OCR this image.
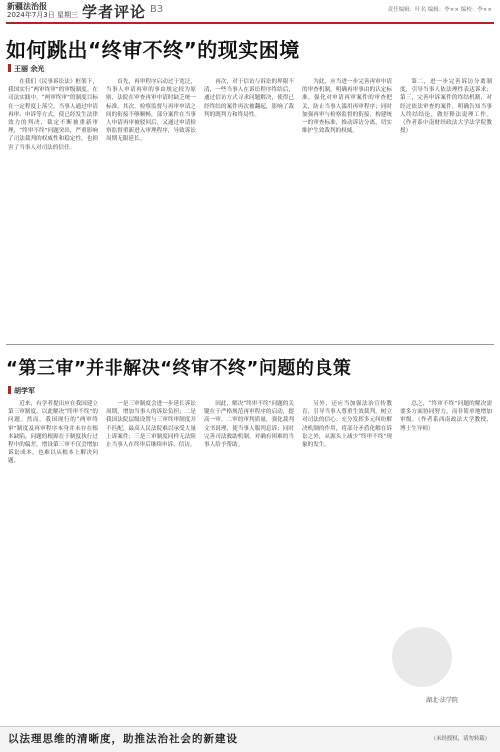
新疆法治报
2024年7月3日 星期三 学者评论 B3	责任编辑：叶名 编辑：李×× 编校：李××
如何跳出“终审不终”的现实困境
王丽 余光

在我们《民事诉讼法》框架下，我国实行“两审终审”的审级制度。在司法实践中，“两审终审”的制度目标在一定程度上落空。当事人通过申请再审、申诉等方式，使已经发生法律效力的判决、裁定不断被重新审理，“终审不终”问题突出，严重影响了司法裁判的权威性和稳定性，也损害了当事人对司法的信任。

首先，再审程序启动过于宽泛，当事人申请再审的事由规定较为原则，法院在审查再审申请时缺乏统一标准。其次，检察监督与再审申请之间的衔接不够顺畅，部分案件在当事人申请再审被驳回后，又通过申请检察监督重新进入审理程序，导致诉讼周期无限延长。

再次，对于信访与诉讼的界限不清，一些当事人在诉讼程序终结后，通过信访方式寻求问题解决，使得已经终结的案件再次被翻起，影响了裁判的既判力和终局性。

为此，应当进一步完善再审申请的审查机制，明确再审事由的认定标准，强化对申请再审案件的审查把关，防止当事人滥用再审程序；同时加强再审与检察监督的衔接，构建统一的审查标准，推动诉访分离，切实维护生效裁判的权威。

第二，进一步完善诉访分离制度，引导当事人依法理性表达诉求；第三，完善申诉案件的终结机制，对经过依法审查的案件，明确告知当事人终结结论，做好释法说理工作。（作者系中南财经政法大学法学院教授）

“第三审”并非解决“终审不终”问题的良策
胡学军

近来，有学者提出应在我国建立第三审制度，以此解决“终审不终”的问题。然而，我国现行的“两审终审”制度及再审程序本身并未存在根本缺陷，问题的根源在于制度执行过程中的偏差，增设第三审不仅会增加诉讼成本，也难以从根本上解决问题。

一是三审制度会进一步延长诉讼周期，增加当事人的诉讼负担；二是我国法院层级设置与三审终审制度并不匹配，最高人民法院难以承受大量上诉案件；三是三审制度同样无法阻止当事人在终审后继续申诉、信访。

因此，解决“终审不终”问题的关键在于严格规范再审程序的启动，提高一审、二审的审判质量，强化裁判文书说理，使当事人服判息诉；同时完善司法救助机制，对确有困难的当事人给予帮助。

另外，还应当加强法治宣传教育，引导当事人尊重生效裁判，树立对司法的信心；充分发挥多元纠纷解决机制的作用，将部分矛盾化解在诉讼之外，从源头上减少“终审不终”现象的发生。

总之，“终审不终”问题的解决需要多方面协同努力，而非简单地增加审级。（作者系西南政法大学教授、博士生导师）

湖北·法学院
以法理思维的清晰度，助推法治社会的新建设	（未经授权，请勿转载）
